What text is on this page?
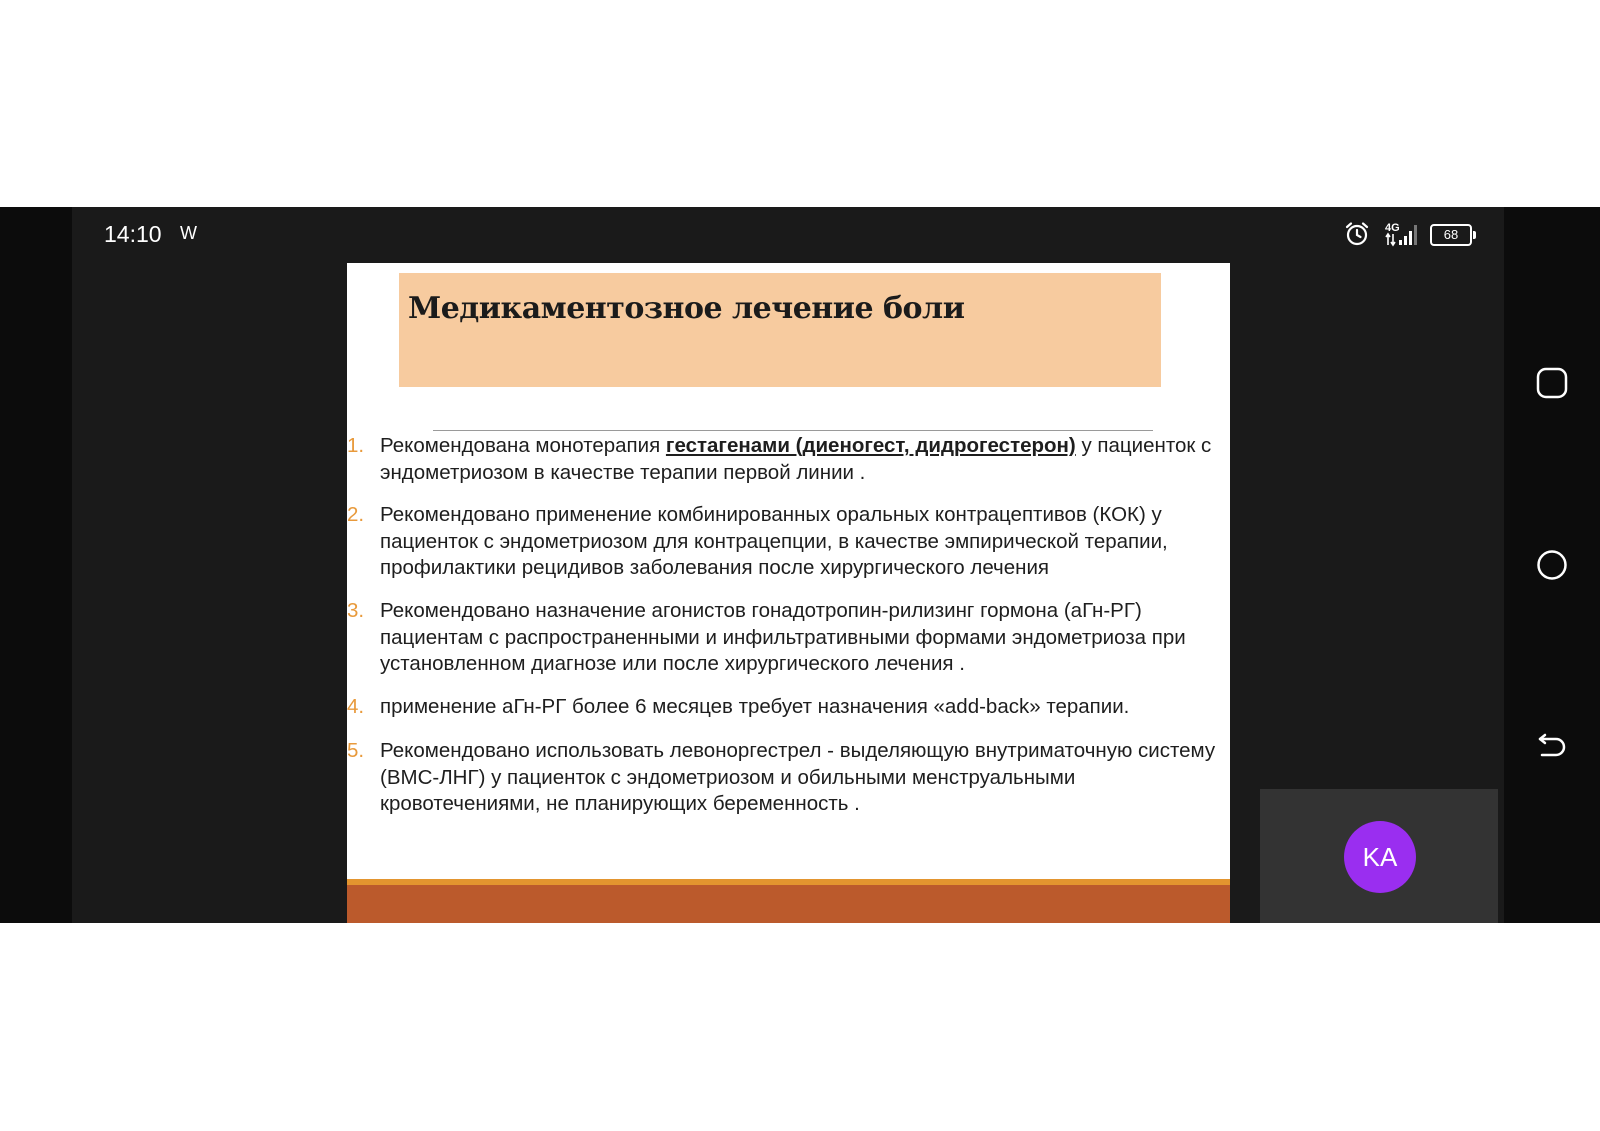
14:10 W	4G	68
Медикаментозное лечение боли
1. Рекомендована монотерапия гестагенами (диеногест, дидрогестерон) у пациенток с эндометриозом в качестве терапии первой линии .
2. Рекомендовано применение комбинированных оральных контрацептивов (КОК) у пациенток с эндометриозом для контрацепции, в качестве эмпирической терапии, профилактики рецидивов заболевания после хирургического лечения
3. Рекомендовано назначение агонистов гонадотропин-рилизинг гормона (аГн-РГ) пациентам с распространенными и инфильтративными формами эндометриоза при установленном диагнозе или после хирургического лечения .
4. применение аГн-РГ более 6 месяцев требует назначения «add-back» терапии.
5. Рекомендовано использовать левоноргестрел - выделяющую внутриматочную систему (ВМС-ЛНГ) у пациенток с эндометриозом и обильными менструальными кровотечениями, не планирующих беременность .
KA
